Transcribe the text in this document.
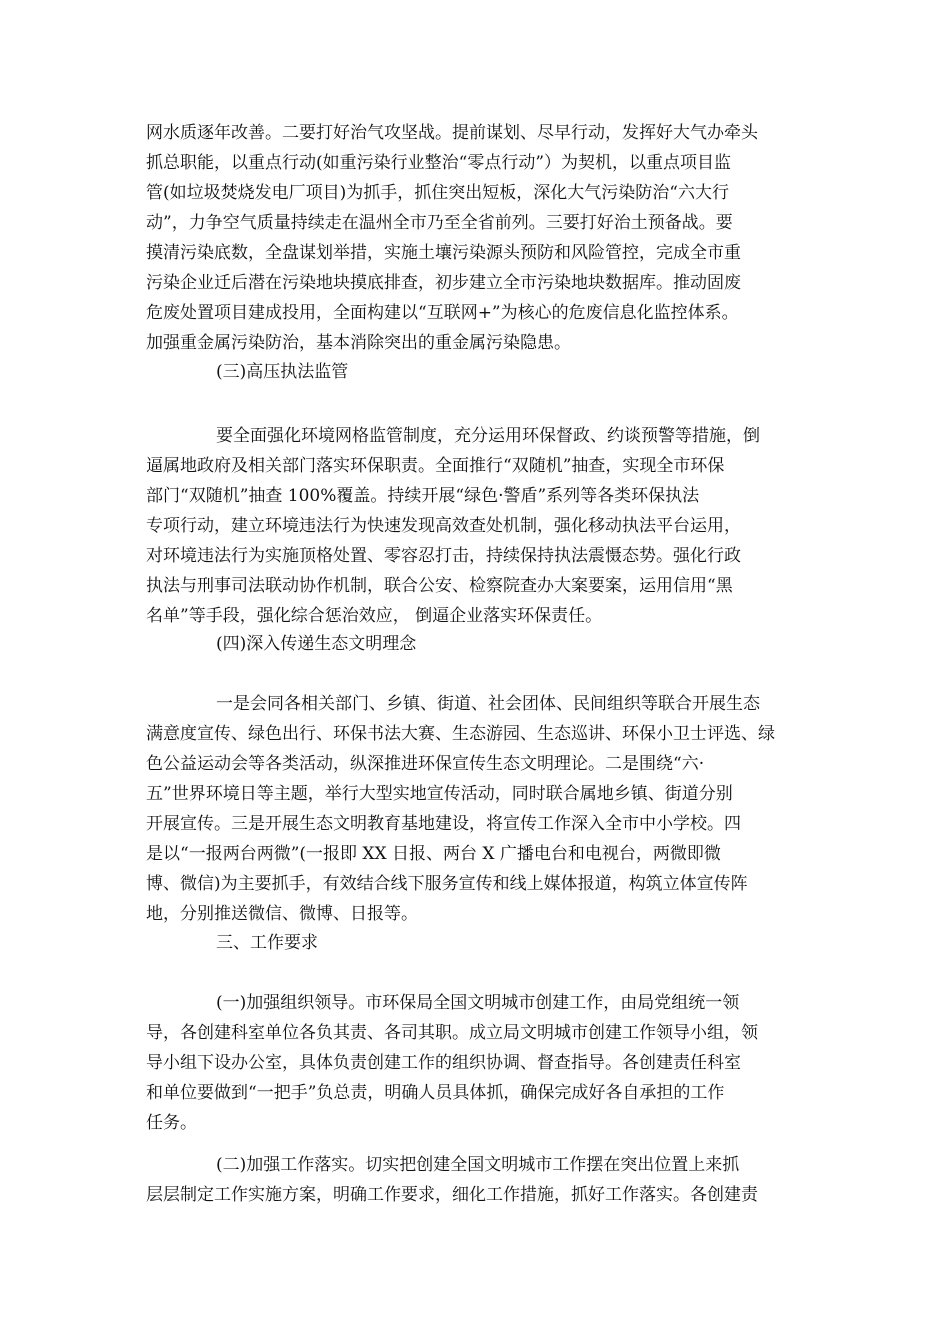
网水质逐年改善。二要打好治气攻坚战。提前谋划、尽早行动，发挥好大气办牵头
抓总职能，以重点行动(如重污染行业整治“零点行动”）为契机，以重点项目监
管(如垃圾焚烧发电厂项目)为抓手，抓住突出短板，深化大气污染防治“六大行
动”，力争空气质量持续走在温州全市乃至全省前列。三要打好治土预备战。要
摸清污染底数，全盘谋划举措，实施土壤污染源头预防和风险管控，完成全市重
污染企业迁后潜在污染地块摸底排查，初步建立全市污染地块数据库。推动固废
危废处置项目建成投用，全面构建以“互联网+”为核心的危废信息化监控体系。
加强重金属污染防治，基本消除突出的重金属污染隐患。
(三)高压执法监管
要全面强化环境网格监管制度，充分运用环保督政、约谈预警等措施，倒
逼属地政府及相关部门落实环保职责。全面推行“双随机”抽查，实现全市环保
部门“双随机”抽查 100%覆盖。持续开展“绿色·警盾”系列等各类环保执法
专项行动，建立环境违法行为快速发现高效查处机制，强化移动执法平台运用，
对环境违法行为实施顶格处置、零容忍打击，持续保持执法震慑态势。强化行政
执法与刑事司法联动协作机制，联合公安、检察院查办大案要案，运用信用“黑
名单”等手段，强化综合惩治效应， 倒逼企业落实环保责任。
(四)深入传递生态文明理念
一是会同各相关部门、乡镇、街道、社会团体、民间组织等联合开展生态
满意度宣传、绿色出行、环保书法大赛、生态游园、生态巡讲、环保小卫士评选、绿
色公益运动会等各类活动，纵深推进环保宣传生态文明理论。二是围绕“六·
五”世界环境日等主题，举行大型实地宣传活动，同时联合属地乡镇、街道分别
开展宣传。三是开展生态文明教育基地建设，将宣传工作深入全市中小学校。四
是以“一报两台两微”(一报即 XX 日报、两台 X 广播电台和电视台，两微即微
博、微信)为主要抓手，有效结合线下服务宣传和线上媒体报道，构筑立体宣传阵
地，分别推送微信、微博、日报等。
三、工作要求
(一)加强组织领导。市环保局全国文明城市创建工作，由局党组统一领
导，各创建科室单位各负其责、各司其职。成立局文明城市创建工作领导小组，领
导小组下设办公室，具体负责创建工作的组织协调、督查指导。各创建责任科室
和单位要做到“一把手”负总责，明确人员具体抓，确保完成好各自承担的工作
任务。
(二)加强工作落实。切实把创建全国文明城市工作摆在突出位置上来抓
层层制定工作实施方案，明确工作要求，细化工作措施，抓好工作落实。各创建责
